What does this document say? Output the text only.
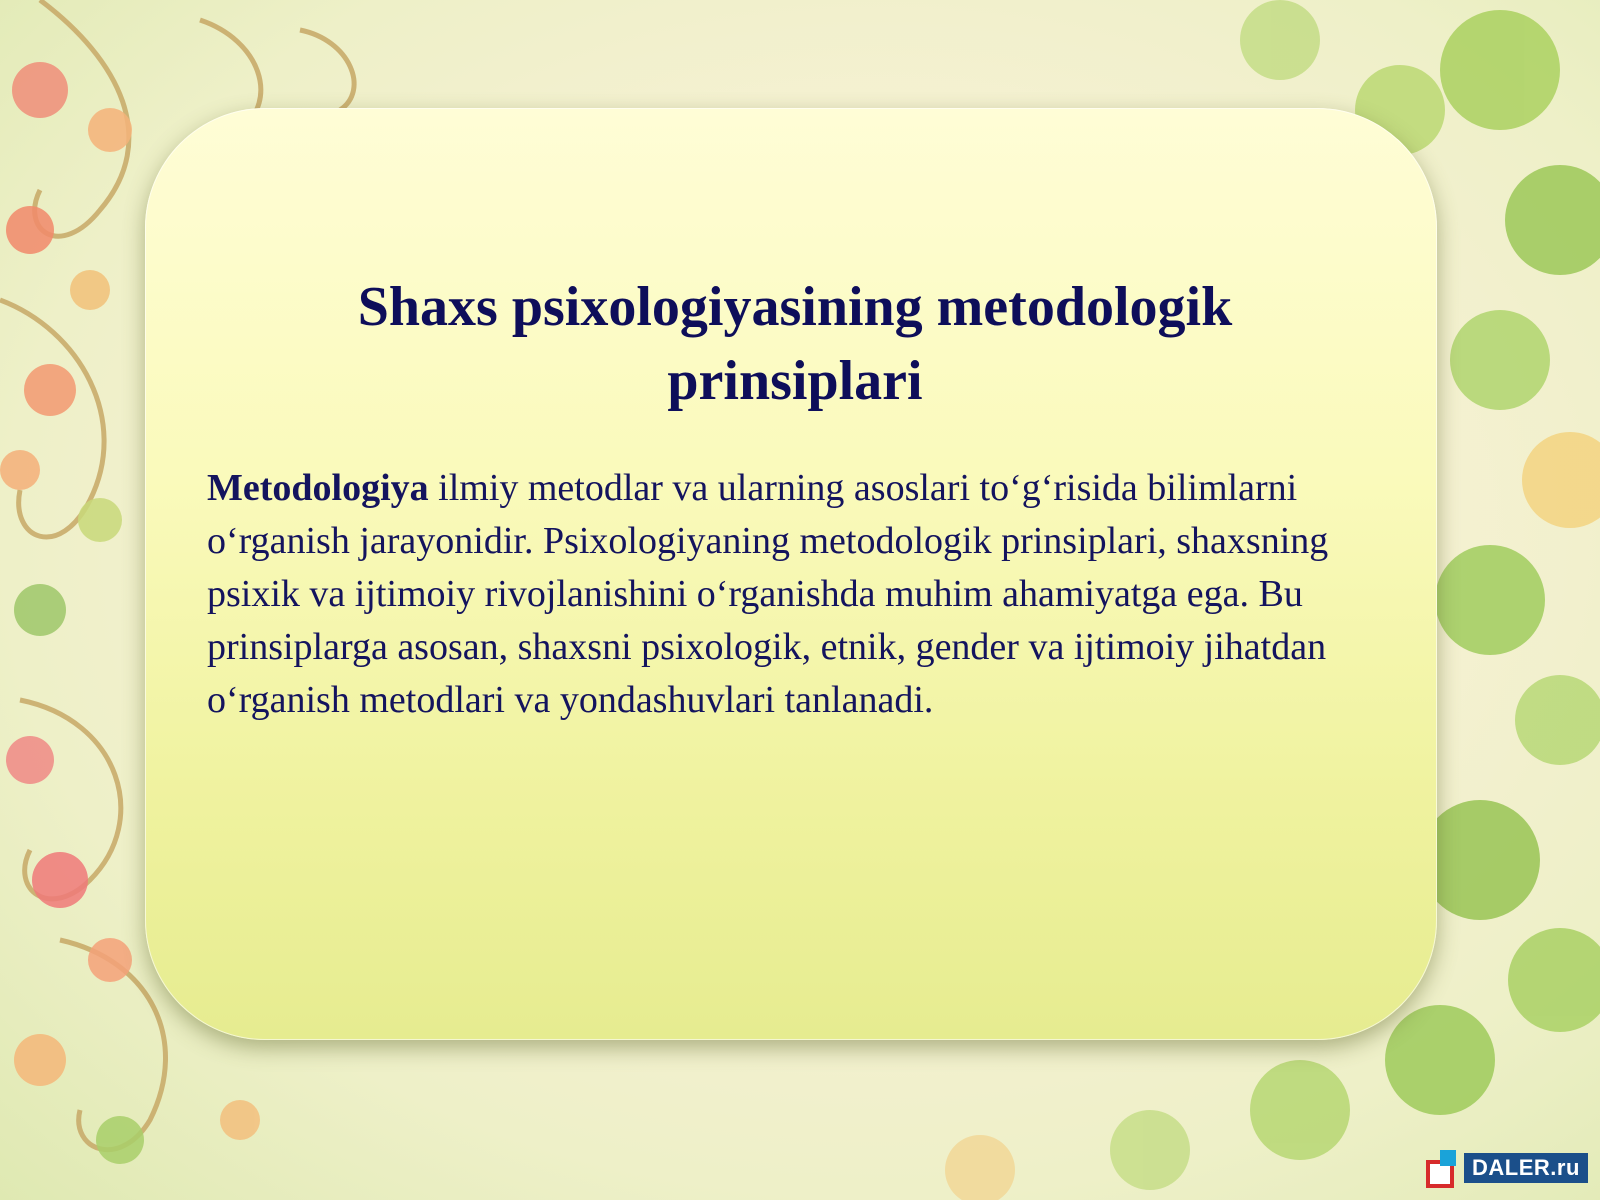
Shaxs psixologiyasining metodologik prinsiplari

Metodologiya ilmiy metodlar va ularning asoslari to‘g‘risida bilimlarni o‘rganish jarayonidir. Psixologiyaning metodologik prinsiplari, shaxsning psixik va ijtimoiy rivojlanishini o‘rganishda muhim ahamiyatga ega. Bu prinsiplarga asosan, shaxsni psixologik, etnik, gender va ijtimoiy jihatdan o‘rganish metodlari va yondashuvlari tanlanadi.

DALER.ru
